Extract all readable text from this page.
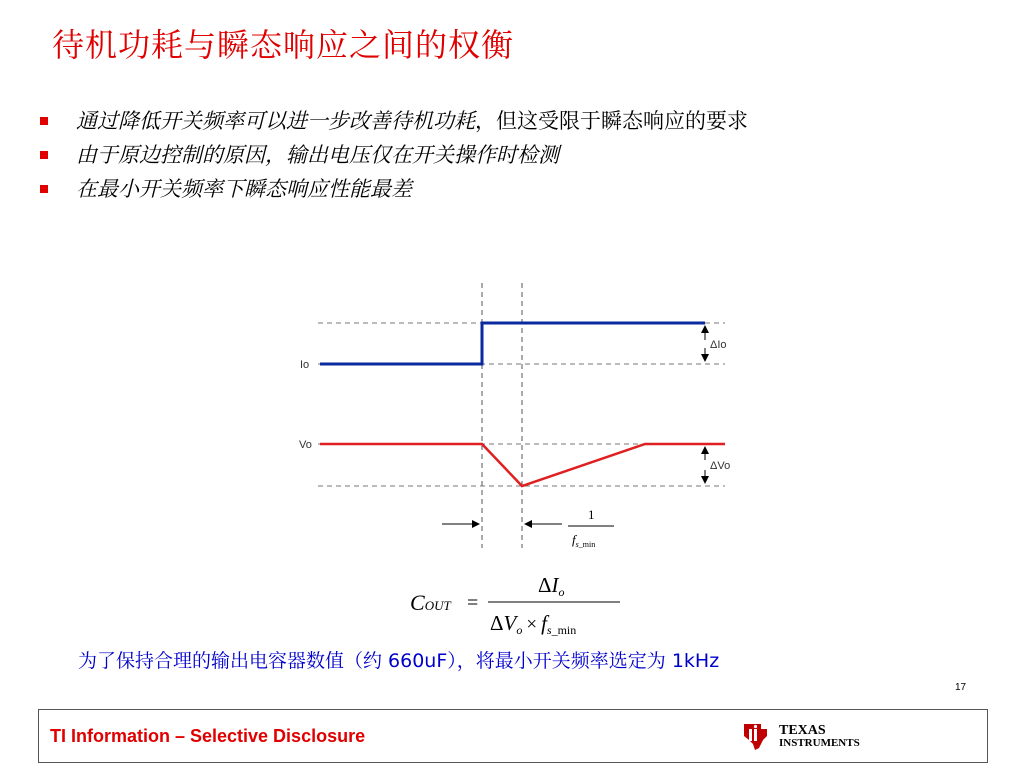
待机功耗与瞬态响应之间的权衡
通过降低开关频率可以进一步改善待机功耗，但这受限于瞬态响应的要求
由于原边控制的原因，输出电压仅在开关操作时检测
在最小开关频率下瞬态响应性能最差
Io
Vo
ΔIo
ΔVo
1
fs_min
COUT =
$\Delta I_o$
$\Delta V_o$ × $f_s\_\min$
为了保持合理的输出电容器数值（约 660uF），将最小开关频率选定为 1kHz
17
TI Information – Selective Disclosure	TEXAS
INSTRUMENTS
